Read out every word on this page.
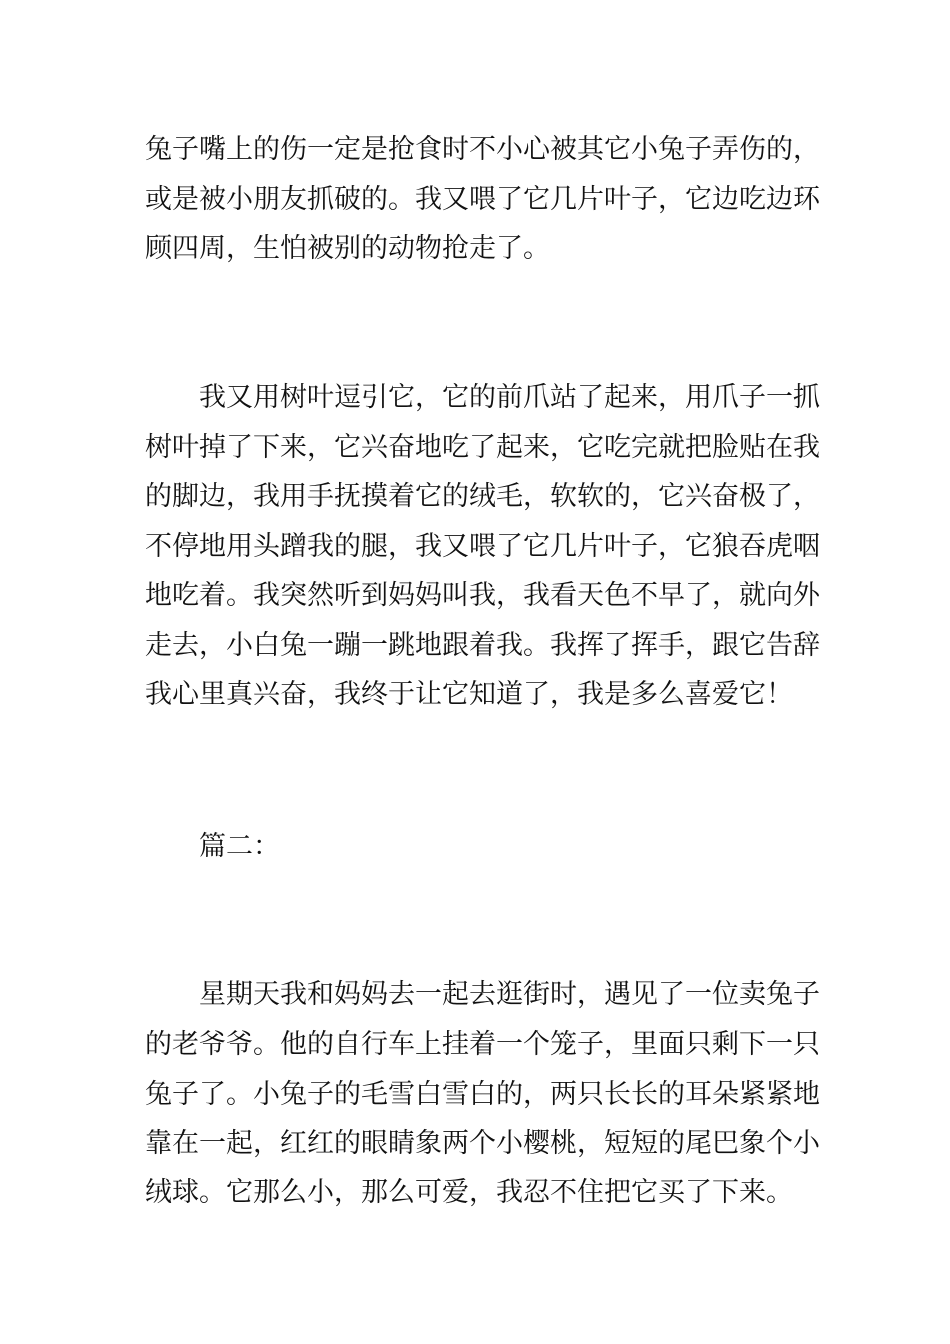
兔子嘴上的伤一定是抢食时不小心被其它小兔子弄伤的，
或是被小朋友抓破的。我又喂了它几片叶子，它边吃边环
顾四周，生怕被别的动物抢走了。
我又用树叶逗引它，它的前爪站了起来，用爪子一抓
树叶掉了下来，它兴奋地吃了起来，它吃完就把脸贴在我
的脚边，我用手抚摸着它的绒毛，软软的，它兴奋极了，
不停地用头蹭我的腿，我又喂了它几片叶子，它狼吞虎咽
地吃着。我突然听到妈妈叫我，我看天色不早了，就向外
走去，小白兔一蹦一跳地跟着我。我挥了挥手，跟它告辞
我心里真兴奋，我终于让它知道了，我是多么喜爱它！
篇二：
星期天我和妈妈去一起去逛街时，遇见了一位卖兔子
的老爷爷。他的自行车上挂着一个笼子，里面只剩下一只
兔子了。小兔子的毛雪白雪白的，两只长长的耳朵紧紧地
靠在一起，红红的眼睛象两个小樱桃，短短的尾巴象个小
绒球。它那么小，那么可爱，我忍不住把它买了下来。
